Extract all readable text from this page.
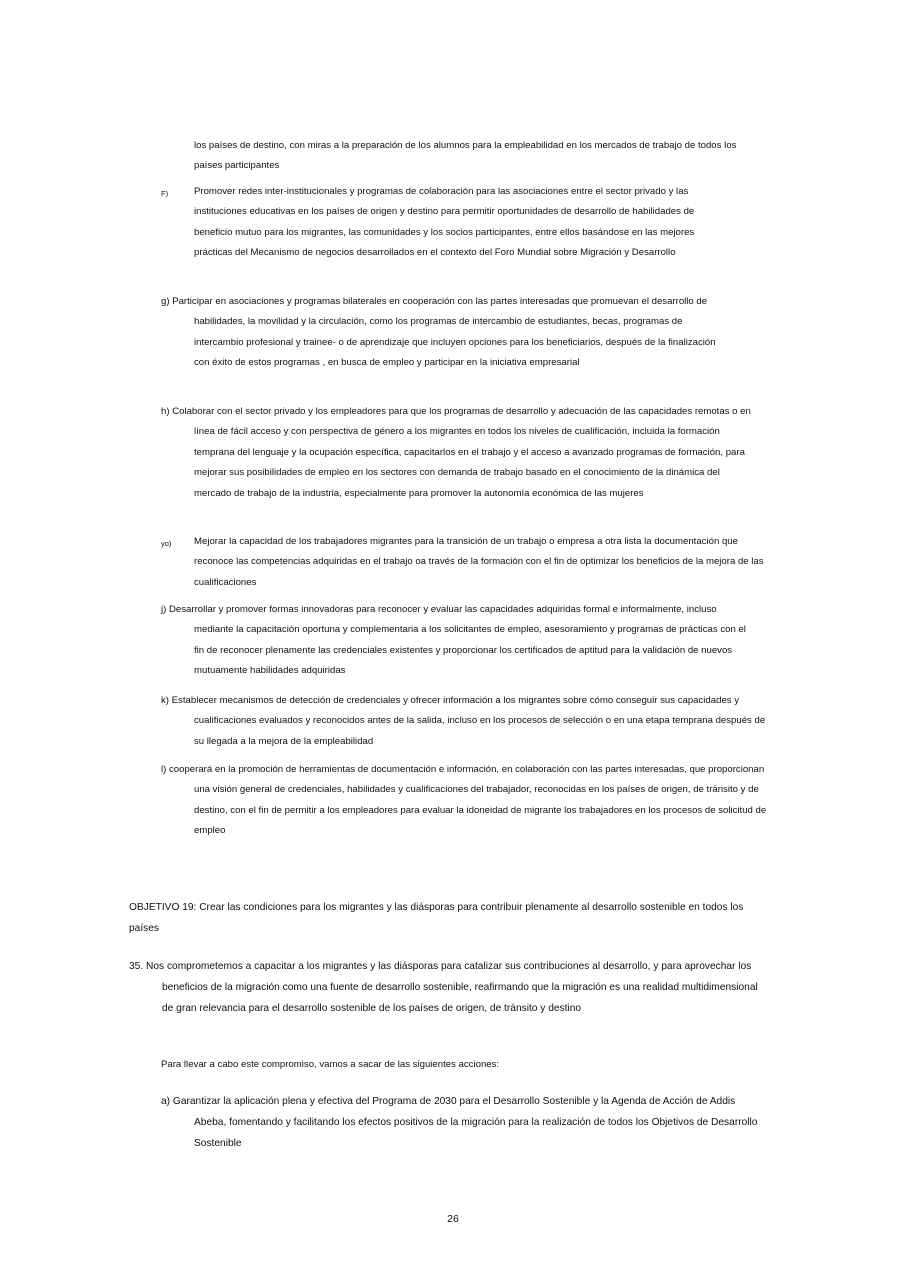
los países de destino, con miras a la preparación de los alumnos para la empleabilidad en los mercados de trabajo de todos los
países participantes
F)	Promover redes inter-institucionales y programas de colaboración para las asociaciones entre el sector privado y las
instituciones educativas en los países de origen y destino para permitir oportunidades de desarrollo de habilidades de
beneficio mutuo para los migrantes, las comunidades y los socios participantes, entre ellos basándose en las mejores
prácticas del Mecanismo de negocios desarrollados en el contexto del Foro Mundial sobre Migración y Desarrollo
g) Participar en asociaciones y programas bilaterales en cooperación con las partes interesadas que promuevan el desarrollo de
habilidades, la movilidad y la circulación, como los programas de intercambio de estudiantes, becas, programas de
intercambio profesional y trainee- o de aprendizaje que incluyen opciones para los beneficiarios, después de la finalización
con éxito de estos programas , en busca de empleo y participar en la iniciativa empresarial
h) Colaborar con el sector privado y los empleadores para que los programas de desarrollo y adecuación de las capacidades remotas o en
línea de fácil acceso y con perspectiva de género a los migrantes en todos los niveles de cualificación, incluida la formación
temprana del lenguaje y la ocupación específica, capacitarlos en el trabajo y el acceso a avanzado programas de formación, para
mejorar sus posibilidades de empleo en los sectores con demanda de trabajo basado en el conocimiento de la dinámica del
mercado de trabajo de la industria, especialmente para promover la autonomía económica de las mujeres
yo) Mejorar la capacidad de los trabajadores migrantes para la transición de un trabajo o empresa a otra lista la documentación que
reconoce las competencias adquiridas en el trabajo oa través de la formación con el fin de optimizar los beneficios de la mejora de las
cualificaciones
j) Desarrollar y promover formas innovadoras para reconocer y evaluar las capacidades adquiridas formal e informalmente, incluso
mediante la capacitación oportuna y complementaria a los solicitantes de empleo, asesoramiento y programas de prácticas con el
fin de reconocer plenamente las credenciales existentes y proporcionar los certificados de aptitud para la validación de nuevos
mutuamente habilidades adquiridas
k) Establecer mecanismos de detección de credenciales y ofrecer información a los migrantes sobre cómo conseguir sus capacidades y
cualificaciones evaluados y reconocidos antes de la salida, incluso en los procesos de selección o en una etapa temprana después de
su llegada a la mejora de la empleabilidad
l) cooperará en la promoción de herramientas de documentación e información, en colaboración con las partes interesadas, que proporcionan
una visión general de credenciales, habilidades y cualificaciones del trabajador, reconocidas en los países de origen, de tránsito y de
destino, con el fin de permitir a los empleadores para evaluar la idoneidad de migrante los trabajadores en los procesos de solicitud de
empleo
OBJETIVO 19: Crear las condiciones para los migrantes y las diásporas para contribuir plenamente al desarrollo sostenible en todos los
países
35. Nos comprometemos a capacitar a los migrantes y las diásporas para catalizar sus contribuciones al desarrollo, y para aprovechar los
beneficios de la migración como una fuente de desarrollo sostenible, reafirmando que la migración es una realidad multidimensional
de gran relevancia para el desarrollo sostenible de los países de origen, de tránsito y destino
Para llevar a cabo este compromiso, vamos a sacar de las siguientes acciones:
a) Garantizar la aplicación plena y efectiva del Programa de 2030 para el Desarrollo Sostenible y la Agenda de Acción de Addis
Abeba, fomentando y facilitando los efectos positivos de la migración para la realización de todos los Objetivos de Desarrollo
Sostenible
26
